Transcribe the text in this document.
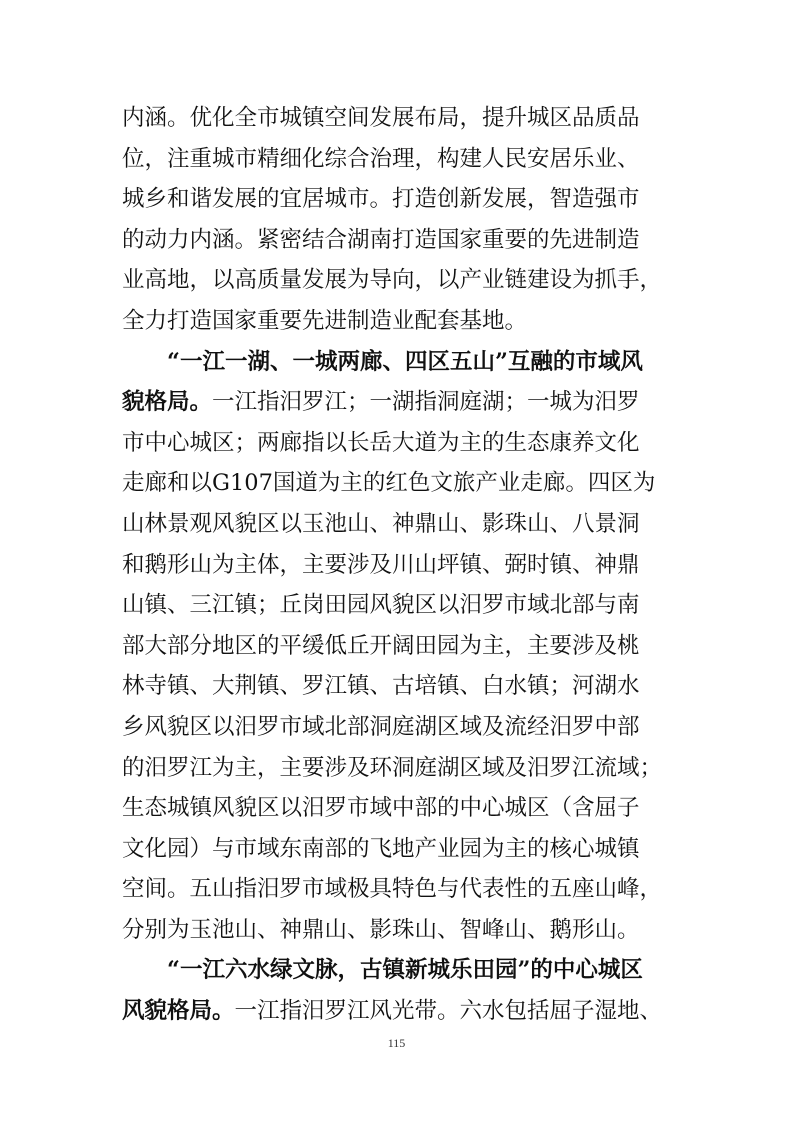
内涵。优化全市城镇空间发展布局，提升城区品质品
位，注重城市精细化综合治理，构建人民安居乐业、
城乡和谐发展的宜居城市。打造创新发展，智造强市
的动力内涵。紧密结合湖南打造国家重要的先进制造
业高地，以高质量发展为导向，以产业链建设为抓手，
全力打造国家重要先进制造业配套基地。
“一江一湖、一城两廊、四区五山”互融的市域风
貌格局。一江指汨罗江；一湖指洞庭湖；一城为汨罗
市中心城区；两廊指以长岳大道为主的生态康养文化
走廊和以G107国道为主的红色文旅产业走廊。四区为
山林景观风貌区以玉池山、神鼎山、影珠山、八景洞
和鹅形山为主体，主要涉及川山坪镇、弼时镇、神鼎
山镇、三江镇；丘岗田园风貌区以汨罗市域北部与南
部大部分地区的平缓低丘开阔田园为主，主要涉及桃
林寺镇、大荆镇、罗江镇、古培镇、白水镇；河湖水
乡风貌区以汨罗市域北部洞庭湖区域及流经汨罗中部
的汨罗江为主，主要涉及环洞庭湖区域及汨罗江流域；
生态城镇风貌区以汨罗市域中部的中心城区（含屈子
文化园）与市域东南部的飞地产业园为主的核心城镇
空间。五山指汨罗市域极具特色与代表性的五座山峰，
分别为玉池山、神鼎山、影珠山、智峰山、鹅形山。
“一江六水绿文脉，古镇新城乐田园”的中心城区
风貌格局。一江指汨罗江风光带。六水包括屈子湿地、
115
